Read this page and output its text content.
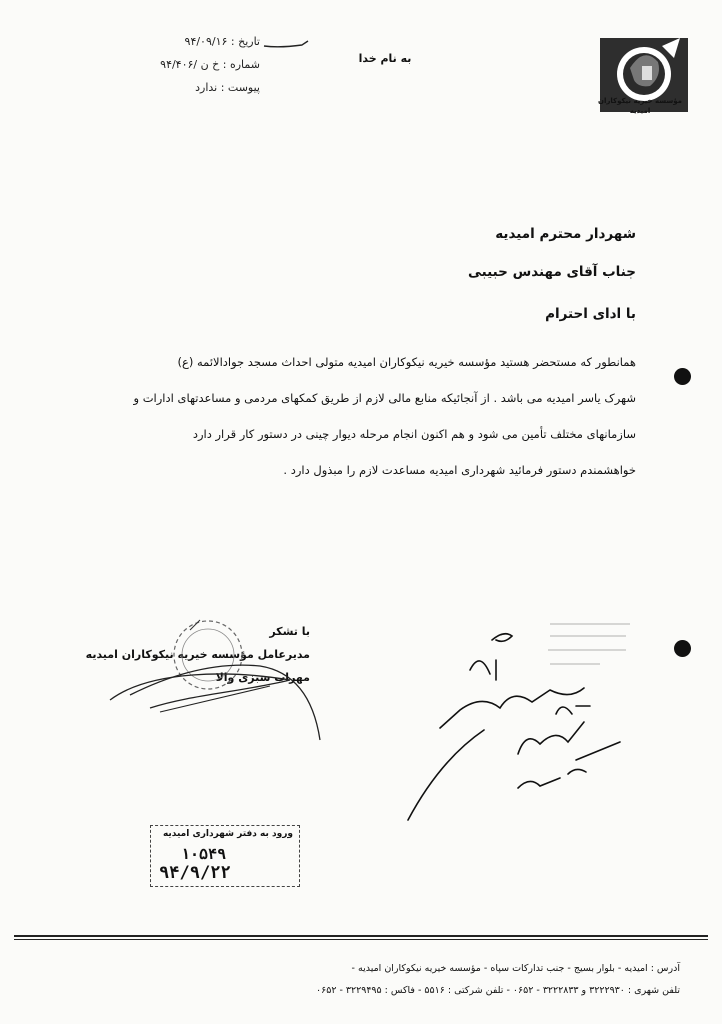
تاریخ : ۹۴/۰۹/۱۶
شماره : خ ن /۹۴/۴۰۶
پیوست : ندارد
به نام خدا
مؤسسه خیریه نیکوکاران امیدیه
شهردار محترم امیدیه
جناب آقای مهندس حبیبی
با ادای احترام

همانطور که مستحضر هستید مؤسسه خیریه نیکوکاران امیدیه متولی احداث مسجد جوادالائمه (ع)

شهرک یاسر امیدیه می باشد . از آنجائیکه منابع مالی لازم از طریق کمکهای مردمی و مساعدتهای ادارات و

سازمانهای مختلف تأمین می شود و هم اکنون انجام مرحله دیوار چینی در دستور کار قرار دارد

خواهشمندم دستور فرمائید شهرداری امیدیه مساعدت لازم را مبذول دارد .

با تشکر
مدیرعامل مؤسسه خیریه نیکوکاران امیدیه
مهراب سبزی والا
ورود به دفتر شهرداری امیدیه
۱۰۵۴۹
۹۴/۹/۲۲
آدرس : امیدیه - بلوار بسیج - جنب تدارکات سپاه - مؤسسه خیریه نیکوکاران امیدیه -
تلفن شهری : ۳۲۲۲۹۳۰ و ۳۲۲۲۸۳۳ - ۰۶۵۲ - تلفن شرکتی : ۵۵۱۶ - فاکس : ۳۲۲۹۴۹۵ - ۰۶۵۲
